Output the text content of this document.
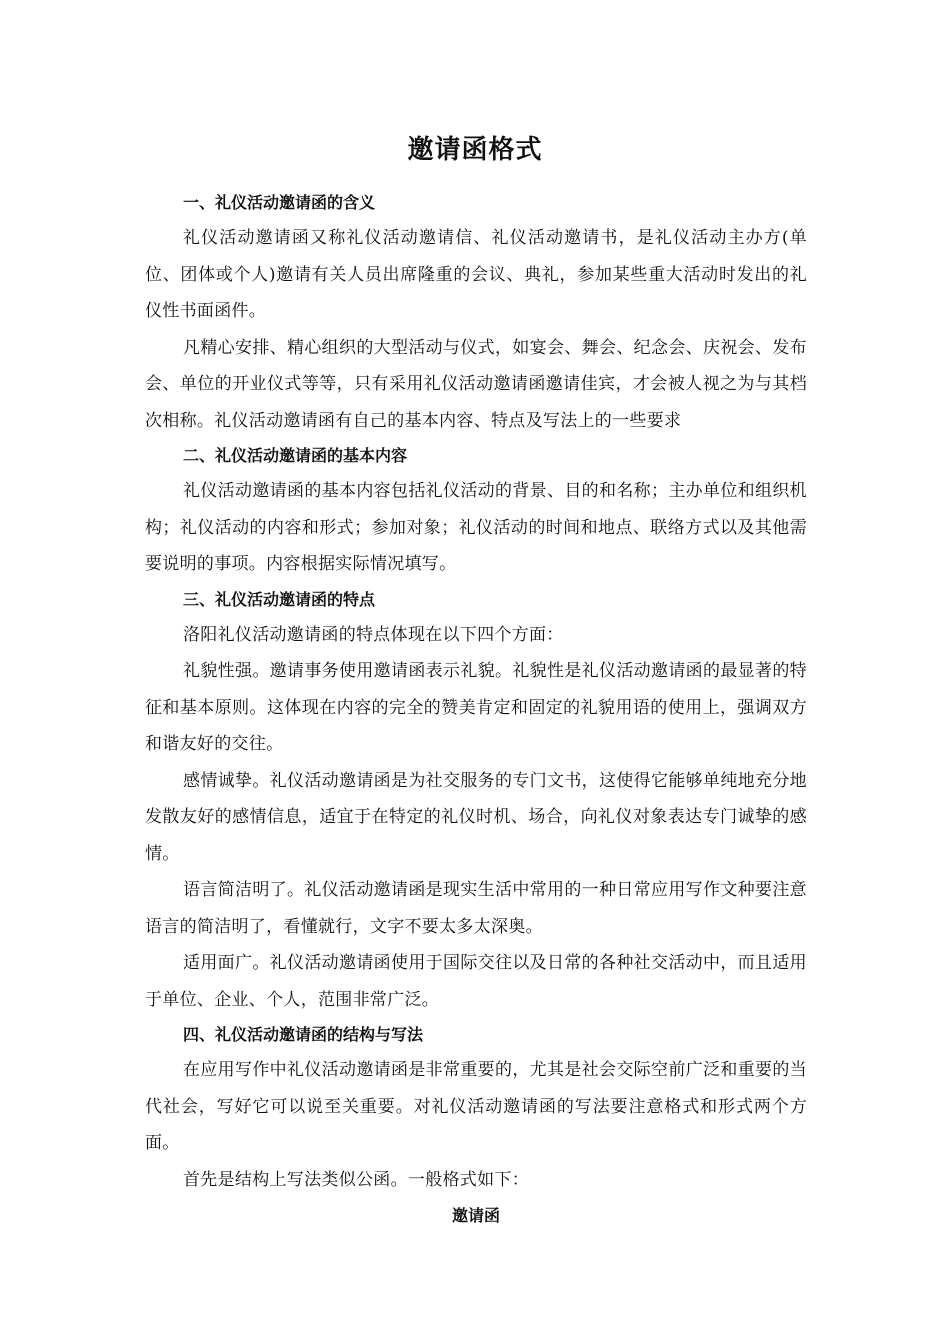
邀请函格式

一、礼仪活动邀请函的含义

礼仪活动邀请函又称礼仪活动邀请信、礼仪活动邀请书，是礼仪活动主办方(单位、团体或个人)邀请有关人员出席隆重的会议、典礼，参加某些重大活动时发出的礼仪性书面函件。

凡精心安排、精心组织的大型活动与仪式，如宴会、舞会、纪念会、庆祝会、发布会、单位的开业仪式等等，只有采用礼仪活动邀请函邀请佳宾，才会被人视之为与其档次相称。礼仪活动邀请函有自己的基本内容、特点及写法上的一些要求

二、礼仪活动邀请函的基本内容

礼仪活动邀请函的基本内容包括礼仪活动的背景、目的和名称；主办单位和组织机构；礼仪活动的内容和形式；参加对象；礼仪活动的时间和地点、联络方式以及其他需要说明的事项。内容根据实际情况填写。

三、礼仪活动邀请函的特点

洛阳礼仪活动邀请函的特点体现在以下四个方面：

礼貌性强。邀请事务使用邀请函表示礼貌。礼貌性是礼仪活动邀请函的最显著的特征和基本原则。这体现在内容的完全的赞美肯定和固定的礼貌用语的使用上，强调双方和谐友好的交往。

感情诚挚。礼仪活动邀请函是为社交服务的专门文书，这使得它能够单纯地充分地发散友好的感情信息，适宜于在特定的礼仪时机、场合，向礼仪对象表达专门诚挚的感情。

语言简洁明了。礼仪活动邀请函是现实生活中常用的一种日常应用写作文种要注意语言的简洁明了，看懂就行，文字不要太多太深奥。

适用面广。礼仪活动邀请函使用于国际交往以及日常的各种社交活动中，而且适用于单位、企业、个人，范围非常广泛。

四、礼仪活动邀请函的结构与写法

在应用写作中礼仪活动邀请函是非常重要的，尤其是社会交际空前广泛和重要的当代社会，写好它可以说至关重要。对礼仪活动邀请函的写法要注意格式和形式两个方面。

首先是结构上写法类似公函。一般格式如下：

邀请函
